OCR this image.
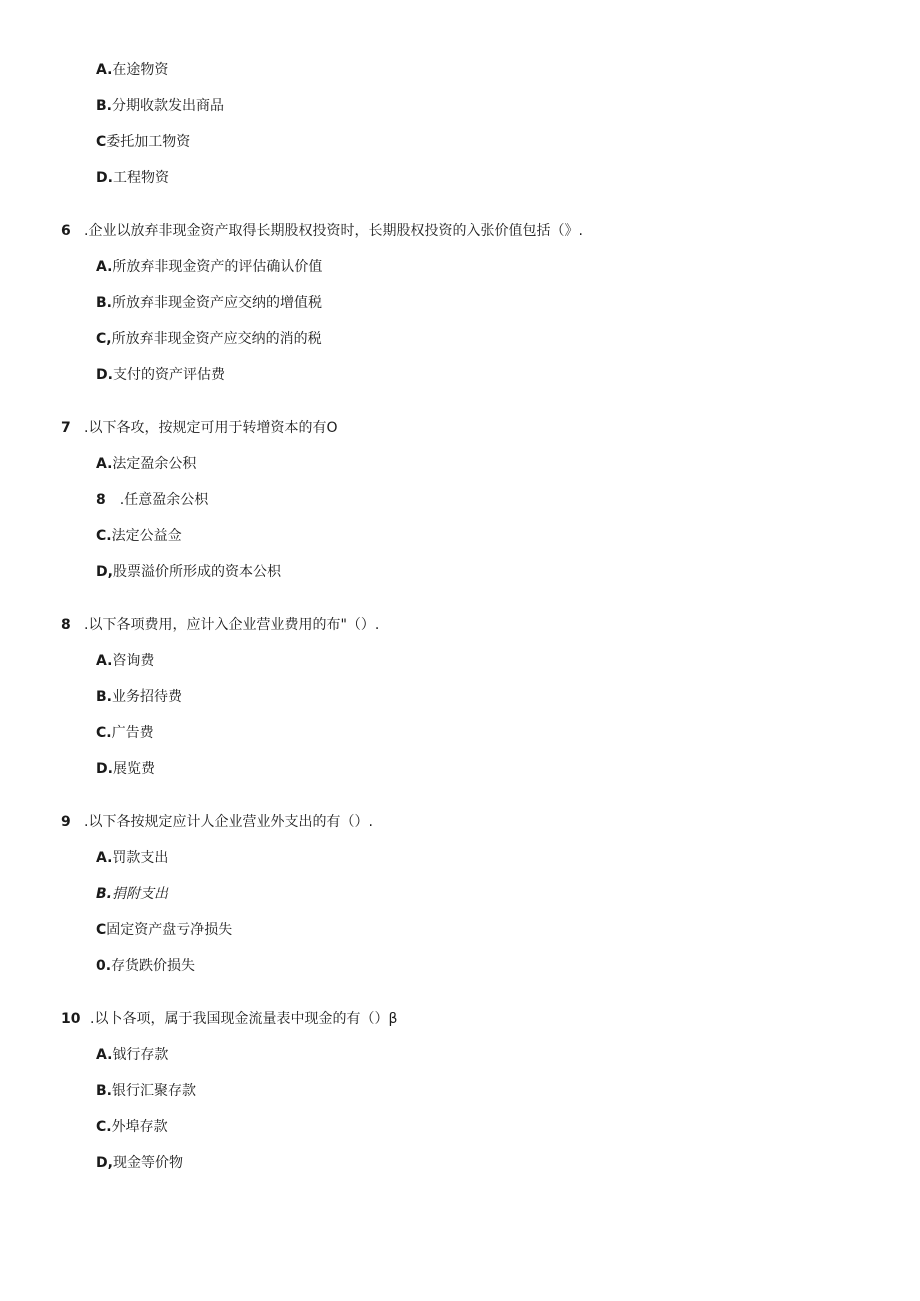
A.在途物资
B.分期收款发出商品
C委托加工物资
D.工程物资
6 .企业以放弃非现金资产取得长期股权投资时，长期股权投资的入张价值包括（》.
A.所放弃非现金资产的评估确认价值
B.所放弃非现金资产应交纳的增值税
C,所放弃非现金资产应交纳的消的税
D.支付的资产评估费
7 .以下各攻，按规定可用于转增资本的有O
A.法定盈余公积
8　.任意盈余公枳
C.法定公益佥
D,股票溢价所形成的资本公枳
8 .以下各项费用，应计入企业营业费用的布"（）.
A.咨询费
B.业务招待费
C.广告费
D.展览费
9 .以下各按规定应计人企业营业外支出的有（）.
A.罚款支出
B.捐附支出
C固定资产盘亏净损失
0.存货跌价损失
10 .以卜各项，属于我国现金流量表中现金的有（）β
A.钺行存款
B.银行汇聚存款
C.外埠存款
D,现金等价物
